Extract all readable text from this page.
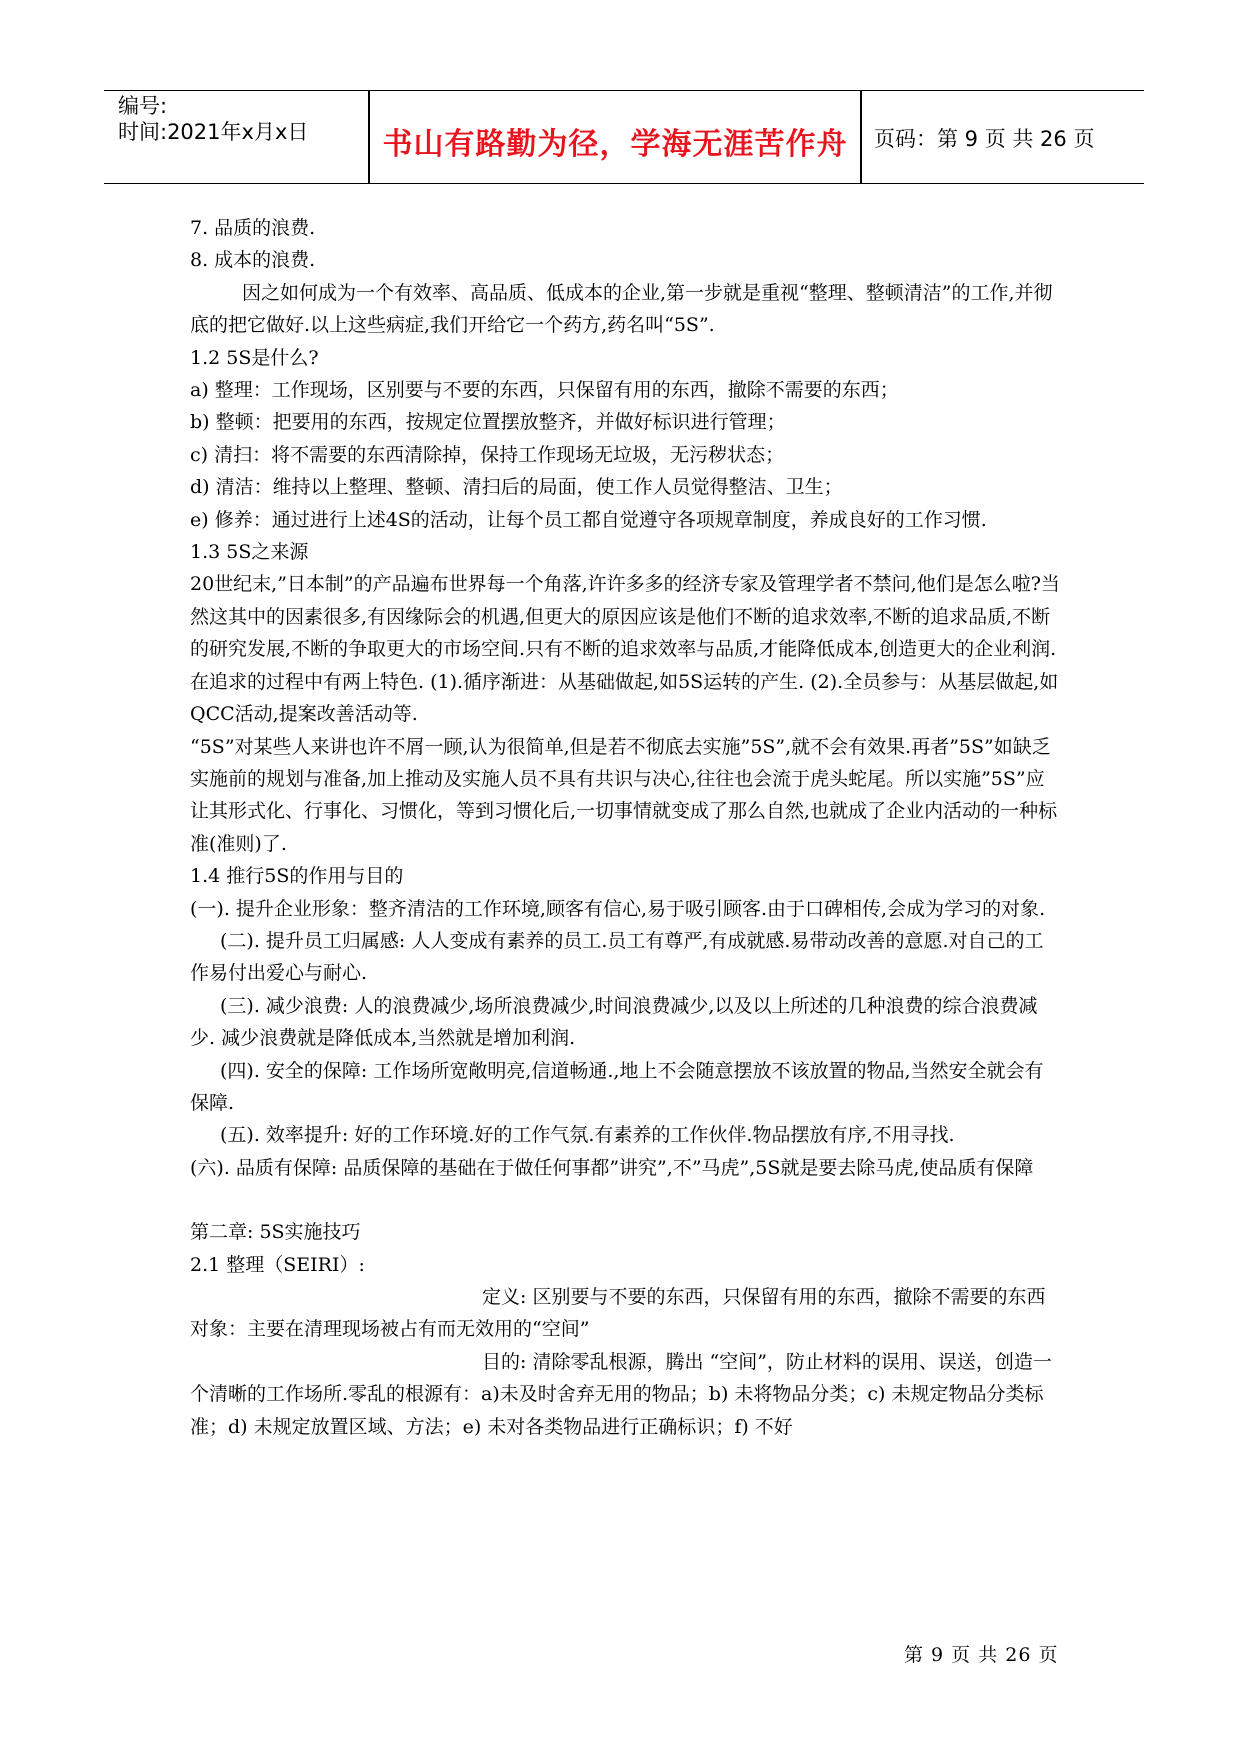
编号:
时间:2021年x月x日	书山有路勤为径，学海无涯苦作舟	页码：第 9 页 共 26 页

7. 品质的浪费.

8. 成本的浪费.

因之如何成为一个有效率、高品质、低成本的企业,第一步就是重视“整理、整顿清洁”的工作,并彻底的把它做好.以上这些病症,我们开给它一个药方,药名叫“5S”.

1.2 5S是什么?

a) 整理：工作现场，区别要与不要的东西，只保留有用的东西，撤除不需要的东西；

b) 整顿：把要用的东西，按规定位置摆放整齐，并做好标识进行管理；

c) 清扫：将不需要的东西清除掉，保持工作现场无垃圾，无污秽状态；

d) 清洁：维持以上整理、整顿、清扫后的局面，使工作人员觉得整洁、卫生；

e) 修养：通过进行上述4S的活动，让每个员工都自觉遵守各项规章制度，养成良好的工作习惯.

1.3 5S之来源

20世纪末,”日本制”的产品遍布世界每一个角落,许许多多的经济专家及管理学者不禁问,他们是怎么啦?当然这其中的因素很多,有因缘际会的机遇,但更大的原因应该是他们不断的追求效率,不断的追求品质,不断的研究发展,不断的争取更大的市场空间.只有不断的追求效率与品质,才能降低成本,创造更大的企业利润.在追求的过程中有两上特色. (1).循序渐进：从基础做起,如5S运转的产生. (2).全员参与：从基层做起,如QCC活动,提案改善活动等.

“5S”对某些人来讲也许不屑一顾,认为很简单,但是若不彻底去实施”5S”,就不会有效果.再者”5S”如缺乏实施前的规划与准备,加上推动及实施人员不具有共识与决心,往往也会流于虎头蛇尾。所以实施”5S”应让其形式化、行事化、习惯化，等到习惯化后,一切事情就变成了那么自然,也就成了企业内活动的一种标准(准则)了.

1.4 推行5S的作用与目的

(一). 提升企业形象：整齐清洁的工作环境,顾客有信心,易于吸引顾客.由于口碑相传,会成为学习的对象.

(二). 提升员工归属感: 人人变成有素养的员工.员工有尊严,有成就感.易带动改善的意愿.对自己的工作易付出爱心与耐心.

(三). 减少浪费: 人的浪费减少,场所浪费减少,时间浪费减少,以及以上所述的几种浪费的综合浪费减少. 减少浪费就是降低成本,当然就是增加利润.

(四). 安全的保障: 工作场所宽敞明亮,信道畅通.,地上不会随意摆放不该放置的物品,当然安全就会有保障.

(五). 效率提升: 好的工作环境.好的工作气氛.有素养的工作伙伴.物品摆放有序,不用寻找.

(六). 品质有保障: 品质保障的基础在于做任何事都”讲究”,不”马虎”,5S就是要去除马虎,使品质有保障

第二章: 5S实施技巧

2.1 整理（SEIRI）:

定义: 区别要与不要的东西，只保留有用的东西，撤除不需要的东西

对象：主要在清理现场被占有而无效用的“空间”

目的: 清除零乱根源，腾出 “空间”，防止材料的误用、误送，创造一个清晰的工作场所.零乱的根源有：a)未及时舍弃无用的物品；b) 未将物品分类；c) 未规定物品分类标准；d) 未规定放置区域、方法；e) 未对各类物品进行正确标识；f) 不好

第 9 页 共 26 页
